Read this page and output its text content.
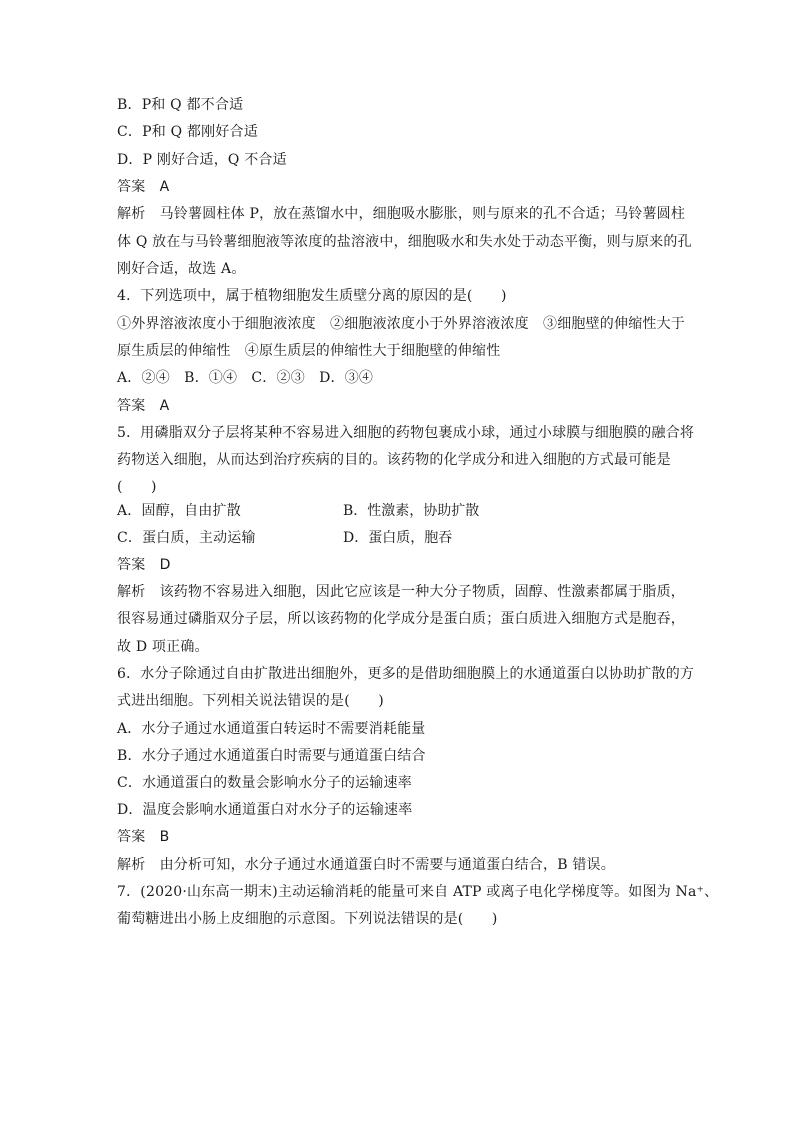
B．P和 Q 都不合适
C．P和 Q 都刚好合适
D．P 刚好合适，Q 不合适
答案　 A
解析　 马铃薯圆柱体 P，放在蒸馏水中，细胞吸水膨胀，则与原来的孔不合适；马铃薯圆柱
体 Q 放在与马铃薯细胞液等浓度的盐溶液中，细胞吸水和失水处于动态平衡，则与原来的孔
刚好合适，故选 A。
4．下列选项中，属于植物细胞发生质壁分离的原因的是(　　)
①外界溶液浓度小于细胞液浓度　②细胞液浓度小于外界溶液浓度　③细胞壁的伸缩性大于
原生质层的伸缩性　④原生质层的伸缩性大于细胞壁的伸缩性
A．②④　B．①④　C．②③　D．③④
答案　 A
5．用磷脂双分子层将某种不容易进入细胞的药物包裹成小球，通过小球膜与细胞膜的融合将
药物送入细胞，从而达到治疗疾病的目的。该药物的化学成分和进入细胞的方式最可能是
(　　)
A．固醇，自由扩散	B．性激素，协助扩散
C．蛋白质，主动运输	D．蛋白质，胞吞
答案　 D
解析　 该药物不容易进入细胞，因此它应该是一种大分子物质，固醇、性激素都属于脂质，
很容易通过磷脂双分子层，所以该药物的化学成分是蛋白质；蛋白质进入细胞方式是胞吞，
故 D 项正确。
6．水分子除通过自由扩散进出细胞外，更多的是借助细胞膜上的水通道蛋白以协助扩散的方
式进出细胞。下列相关说法错误的是(　　)
A．水分子通过水通道蛋白转运时不需要消耗能量
B．水分子通过水通道蛋白时需要与通道蛋白结合
C．水通道蛋白的数量会影响水分子的运输速率
D．温度会影响水通道蛋白对水分子的运输速率
答案　 B
解析　 由分析可知，水分子通过水通道蛋白时不需要与通道蛋白结合，B 错误。
7．(2020·山东高一期末)主动运输消耗的能量可来自 ATP 或离子电化学梯度等。如图为 Na⁺、
葡萄糖进出小肠上皮细胞的示意图。下列说法错误的是(　　)
